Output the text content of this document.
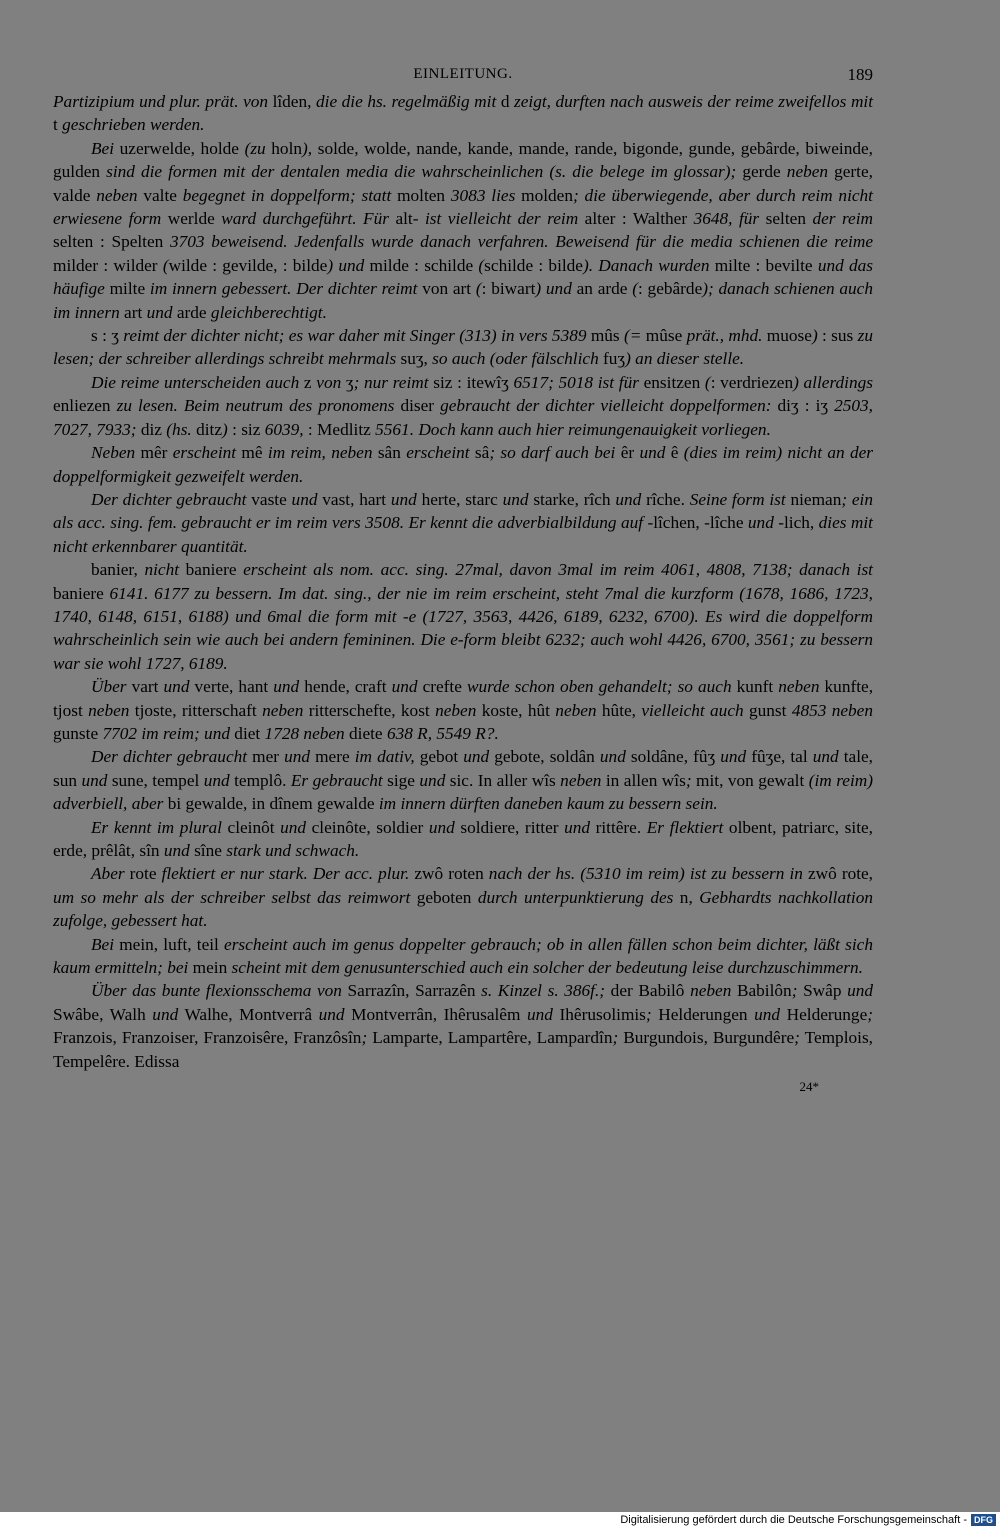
EINLEITUNG.	189

Partizipium und plur. prät. von lîden, die die hs. regelmäßig mit d zeigt, durften nach ausweis der reime zweifellos mit t geschrieben werden.

Bei uzerwelde, holde (zu holn), solde, wolde, nande, kande, mande, rande, bigonde, gunde, gebârde, biweinde, gulden sind die formen mit der dentalen media die wahrscheinlichen (s. die belege im glossar); gerde neben gerte, valde neben valte begegnet in doppelform; statt molten 3083 lies molden; die überwiegende, aber durch reim nicht erwiesene form werlde ward durchgeführt. Für alt- ist vielleicht der reim alter : Walther 3648, für selten der reim selten : Spelten 3703 beweisend. Jedenfalls wurde danach verfahren. Beweisend für die media schienen die reime milder : wilder (wilde : gevilde, : bilde) und milde : schilde (schilde : bilde). Danach wurden milte : bevilte und das häufige milte im innern gebessert. Der dichter reimt von art (: biwart) und an arde (: gebârde); danach schienen auch im innern art und arde gleichberechtigt.

s : ʒ reimt der dichter nicht; es war daher mit Singer (313) in vers 5389 mûs (= mûse prät., mhd. muose) : sus zu lesen; der schreiber allerdings schreibt mehrmals suʒ, so auch (oder fälschlich fuʒ) an dieser stelle.

Die reime unterscheiden auch z von ʒ; nur reimt siz : itewîʒ 6517; 5018 ist für ensitzen (: verdriezen) allerdings enliezen zu lesen. Beim neutrum des pronomens diser gebraucht der dichter vielleicht doppelformen: diʒ : iʒ 2503, 7027, 7933; diz (hs. ditz) : siz 6039, : Medlitz 5561. Doch kann auch hier reimungenauigkeit vorliegen.

Neben mêr erscheint mê im reim, neben sân erscheint sâ; so darf auch bei êr und ê (dies im reim) nicht an der doppelformigkeit gezweifelt werden.

Der dichter gebraucht vaste und vast, hart und herte, starc und starke, rîch und rîche. Seine form ist nieman; ein als acc. sing. fem. gebraucht er im reim vers 3508. Er kennt die adverbialbildung auf -lîchen, -lîche und -lich, dies mit nicht erkennbarer quantität.

banier, nicht baniere erscheint als nom. acc. sing. 27mal, davon 3mal im reim 4061, 4808, 7138; danach ist baniere 6141. 6177 zu bessern. Im dat. sing., der nie im reim erscheint, steht 7mal die kurzform (1678, 1686, 1723, 1740, 6148, 6151, 6188) und 6mal die form mit -e (1727, 3563, 4426, 6189, 6232, 6700). Es wird die doppelform wahrscheinlich sein wie auch bei andern femininen. Die e-form bleibt 6232; auch wohl 4426, 6700, 3561; zu bessern war sie wohl 1727, 6189.

Über vart und verte, hant und hende, craft und crefte wurde schon oben gehandelt; so auch kunft neben kunfte, tjost neben tjoste, ritterschaft neben ritterschefte, kost neben koste, hût neben hûte, vielleicht auch gunst 4853 neben gunste 7702 im reim; und diet 1728 neben diete 638 R, 5549 R?.

Der dichter gebraucht mer und mere im dativ, gebot und gebote, soldân und soldâne, fûʒ und fûʒe, tal und tale, sun und sune, tempel und templô. Er gebraucht sige und sic. In aller wîs neben in allen wîs; mit, von gewalt (im reim) adverbiell, aber bi gewalde, in dînem gewalde im innern dürften daneben kaum zu bessern sein.

Er kennt im plural cleinôt und cleinôte, soldier und soldiere, ritter und rittêre. Er flektiert olbent, patriarc, site, erde, prêlât, sîn und sîne stark und schwach.

Aber rote flektiert er nur stark. Der acc. plur. zwô roten nach der hs. (5310 im reim) ist zu bessern in zwô rote, um so mehr als der schreiber selbst das reimwort geboten durch unterpunktierung des n, Gebhardts nachkollation zufolge, gebessert hat.

Bei mein, luft, teil erscheint auch im genus doppelter gebrauch; ob in allen fällen schon beim dichter, läßt sich kaum ermitteln; bei mein scheint mit dem genusunterschied auch ein solcher der bedeutung leise durchzuschimmern.

Über das bunte flexionsschema von Sarrazîn, Sarrazên s. Kinzel s. 386f.; der Babilô neben Babilôn; Swâp und Swâbe, Walh und Walhe, Montverrâ und Montverrân, Ihêrusalêm und Ihêrusolimis; Helderungen und Helderunge; Franzois, Franzoiser, Franzoisêre, Franzôsîn; Lamparte, Lampartêre, Lampardîn; Burgundois, Burgundêre; Templois, Tempelêre. Edissa

24*
Digitalisierung gefördert durch die Deutsche Forschungsgemeinschaft - DFG
